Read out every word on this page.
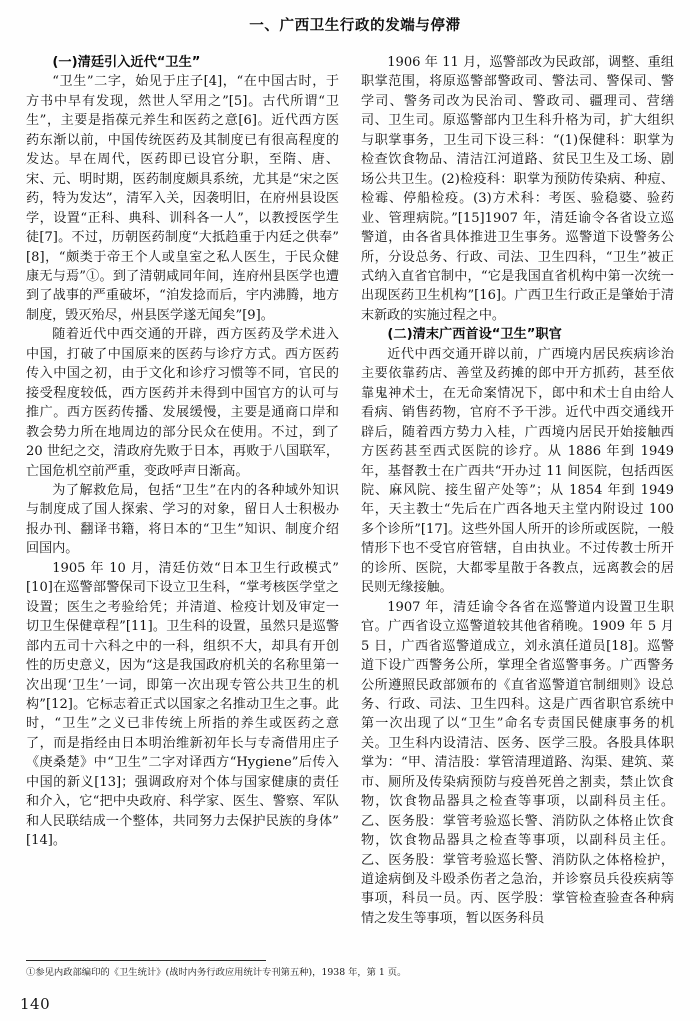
一、广西卫生行政的发端与停滞
(一)清廷引入近代“卫生”

“卫生”二字，始见于庄子[4]，“在中国古时，于方书中早有发现，然世人罕用之”[5]。古代所谓“卫生”，主要是指葆元养生和医药之意[6]。近代西方医药东渐以前，中国传统医药及其制度已有很高程度的发达。早在周代，医药即已设官分职，至隋、唐、宋、元、明时期，医药制度颇具系统，尤其是“宋之医药，特为发达”，清军入关，因袭明旧，在府州县设医学，设置“正科、典科、训科各一人”，以教授医学生徒[7]。不过，历朝医药制度“大抵趋重于内廷之供奉”[8]，“颇类于帝王个人或皇室之私人医生，于民众健康无与焉”①。到了清朝咸同年间，连府州县医学也遭到了战事的严重破坏，“洎发捻而后，宇内沸腾，地方制度，毁灭殆尽，州县医学遂无闻矣”[9]。

随着近代中西交通的开辟，西方医药及学术进入中国，打破了中国原来的医药与诊疗方式。西方医药传入中国之初，由于文化和诊疗习惯等不同，官民的接受程度较低，西方医药并未得到中国官方的认可与推广。西方医药传播、发展缓慢，主要是通商口岸和教会势力所在地周边的部分民众在使用。不过，到了 20 世纪之交，清政府先败于日本，再败于八国联军，亡国危机空前严重，变政呼声日渐高。

为了解救危局，包括“卫生”在内的各种域外知识与制度成了国人探索、学习的对象，留日人士积极办报办刊、翻译书籍，将日本的“卫生”知识、制度介绍回国内。

1905 年 10 月，清廷仿效“日本卫生行政模式”[10]在巡警部警保司下设立卫生科，“掌考核医学堂之设置；医生之考验给凭；并清道、检疫计划及审定一切卫生保健章程”[11]。卫生科的设置，虽然只是巡警部内五司十六科之中的一科，组织不大，却具有开创性的历史意义，因为“这是我国政府机关的名称里第一次出现‘卫生’一词，即第一次出现专管公共卫生的机构”[12]。它标志着正式以国家之名推动卫生之事。此时，“卫生”之义已非传统上所指的养生或医药之意了，而是指经由日本明治维新初年长与专斋借用庄子《庚桑楚》中“卫生”二字对译西方“Hygiene”后传入中国的新义[13]；强调政府对个体与国家健康的责任和介入，它“把中央政府、科学家、医生、警察、军队和人民联结成一个整体，共同努力去保护民族的身体”[14]。

1906 年 11 月，巡警部改为民政部，调整、重组职掌范围，将原巡警部警政司、警法司、警保司、警学司、警务司改为民治司、警政司、疆理司、营缮司、卫生司。原巡警部内卫生科升格为司，扩大组织与职掌事务，卫生司下设三科：“(1)保健科：职掌为检查饮食物品、清洁江河道路、贫民卫生及工场、剧场公共卫生。(2)检疫科：职掌为预防传染病、种痘、检霉、停船检疫。(3)方术科：考医、验稳婆、验药业、管理病院。”[15]1907 年，清廷谕令各省设立巡警道，由各省具体推进卫生事务。巡警道下设警务公所，分设总务、行政、司法、卫生四科，“卫生”被正式纳入直省官制中，“它是我国直省机构中第一次统一出现医药卫生机构”[16]。广西卫生行政正是肇始于清末新政的实施过程之中。

(二)清末广西首设“卫生”职官

近代中西交通开辟以前，广西境内居民疾病诊治主要依靠药店、善堂及药摊的郎中开方抓药，甚至依靠鬼神术士，在无命案情况下，郎中和术士自由给人看病、销售药物，官府不予干涉。近代中西交通线开辟后，随着西方势力入桂，广西境内居民开始接触西方医药甚至西式医院的诊疗。从 1886 年到 1949 年，基督教士在广西共“开办过 11 间医院，包括西医院、麻风院、接生留产处等”；从 1854 年到 1949 年，天主教士“先后在广西各地天主堂内附设过 100 多个诊所”[17]。这些外国人所开的诊所或医院，一般情形下也不受官府管辖，自由执业。不过传教士所开的诊所、医院，大都零星散于各教点，远离教会的居民则无缘接触。

1907 年，清廷谕令各省在巡警道内设置卫生职官。广西省设立巡警道较其他省稍晚。1909 年 5 月 5 日，广西省巡警道成立，刘永滇任道员[18]。巡警道下设广西警务公所，掌理全省巡警事务。广西警务公所遵照民政部颁布的《直省巡警道官制细则》设总务、行政、司法、卫生四科。这是广西省职官系统中第一次出现了以“卫生”命名专责国民健康事务的机关。卫生科内设清洁、医务、医学三股。各股具体职掌为：“甲、清洁股：掌管清理道路、沟渠、建筑、菜市、厕所及传染病预防与疫兽死兽之割卖，禁止饮食物，饮食物品器具之检查等事项，以副科员主任。乙、医务股：掌管考验巡长警、消防队之体格止饮食物，饮食物品器具之检查等事项，以副科员主任。乙、医务股：掌管考验巡长警、消防队之体格检护，道途病倒及斗殴杀伤者之急治，并诊察员兵役疾病等事项，科员一员。丙、医学股：掌管检查验查各种病情之发生等事项，暂以医务科员

①参见内政部编印的《卫生统计》(战时内务行政应用统计专刊第五种)，1938 年，第 1 页。

140
